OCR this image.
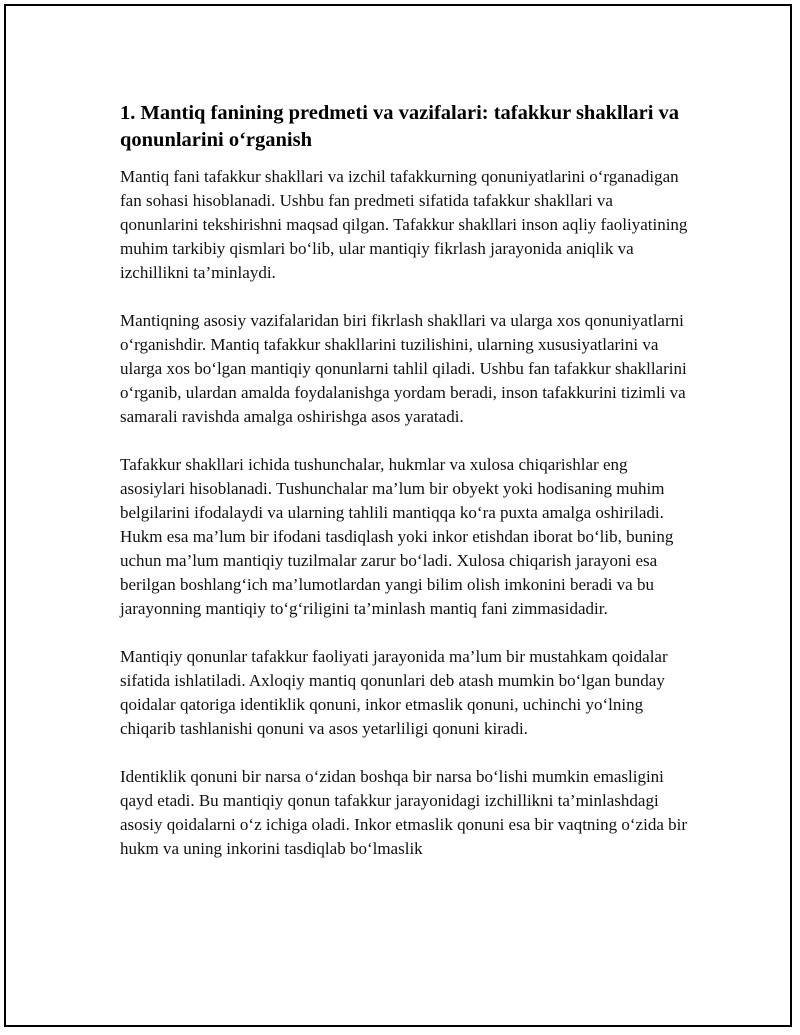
1. Mantiq fanining predmeti va vazifalari: tafakkur shakllari va qonunlarini o‘rganish

Mantiq fani tafakkur shakllari va izchil tafakkurning qonuniyatlarini o‘rganadigan fan sohasi hisoblanadi. Ushbu fan predmeti sifatida tafakkur shakllari va qonunlarini tekshirishni maqsad qilgan. Tafakkur shakllari inson aqliy faoliyatining muhim tarkibiy qismlari bo‘lib, ular mantiqiy fikrlash jarayonida aniqlik va izchillikni ta’minlaydi.

Mantiqning asosiy vazifalaridan biri fikrlash shakllari va ularga xos qonuniyatlarni o‘rganishdir. Mantiq tafakkur shakllarini tuzilishini, ularning xususiyatlarini va ularga xos bo‘lgan mantiqiy qonunlarni tahlil qiladi. Ushbu fan tafakkur shakllarini o‘rganib, ulardan amalda foydalanishga yordam beradi, inson tafakkurini tizimli va samarali ravishda amalga oshirishga asos yaratadi.

Tafakkur shakllari ichida tushunchalar, hukmlar va xulosa chiqarishlar eng asosiylari hisoblanadi. Tushunchalar ma’lum bir obyekt yoki hodisaning muhim belgilarini ifodalaydi va ularning tahlili mantiqqa ko‘ra puxta amalga oshiriladi. Hukm esa ma’lum bir ifodani tasdiqlash yoki inkor etishdan iborat bo‘lib, buning uchun ma’lum mantiqiy tuzilmalar zarur bo‘ladi. Xulosa chiqarish jarayoni esa berilgan boshlang‘ich ma’lumotlardan yangi bilim olish imkonini beradi va bu jarayonning mantiqiy to‘g‘riligini ta’minlash mantiq fani zimmasidadir.

Mantiqiy qonunlar tafakkur faoliyati jarayonida ma’lum bir mustahkam qoidalar sifatida ishlatiladi. Axloqiy mantiq qonunlari deb atash mumkin bo‘lgan bunday qoidalar qatoriga identiklik qonuni, inkor etmaslik qonuni, uchinchi yo‘lning chiqarib tashlanishi qonuni va asos yetarliligi qonuni kiradi.

Identiklik qonuni bir narsa o‘zidan boshqa bir narsa bo‘lishi mumkin emasligini qayd etadi. Bu mantiqiy qonun tafakkur jarayonidagi izchillikni ta’minlashdagi asosiy qoidalarni o‘z ichiga oladi. Inkor etmaslik qonuni esa bir vaqtning o‘zida bir hukm va uning inkorini tasdiqlab bo‘lmaslik
